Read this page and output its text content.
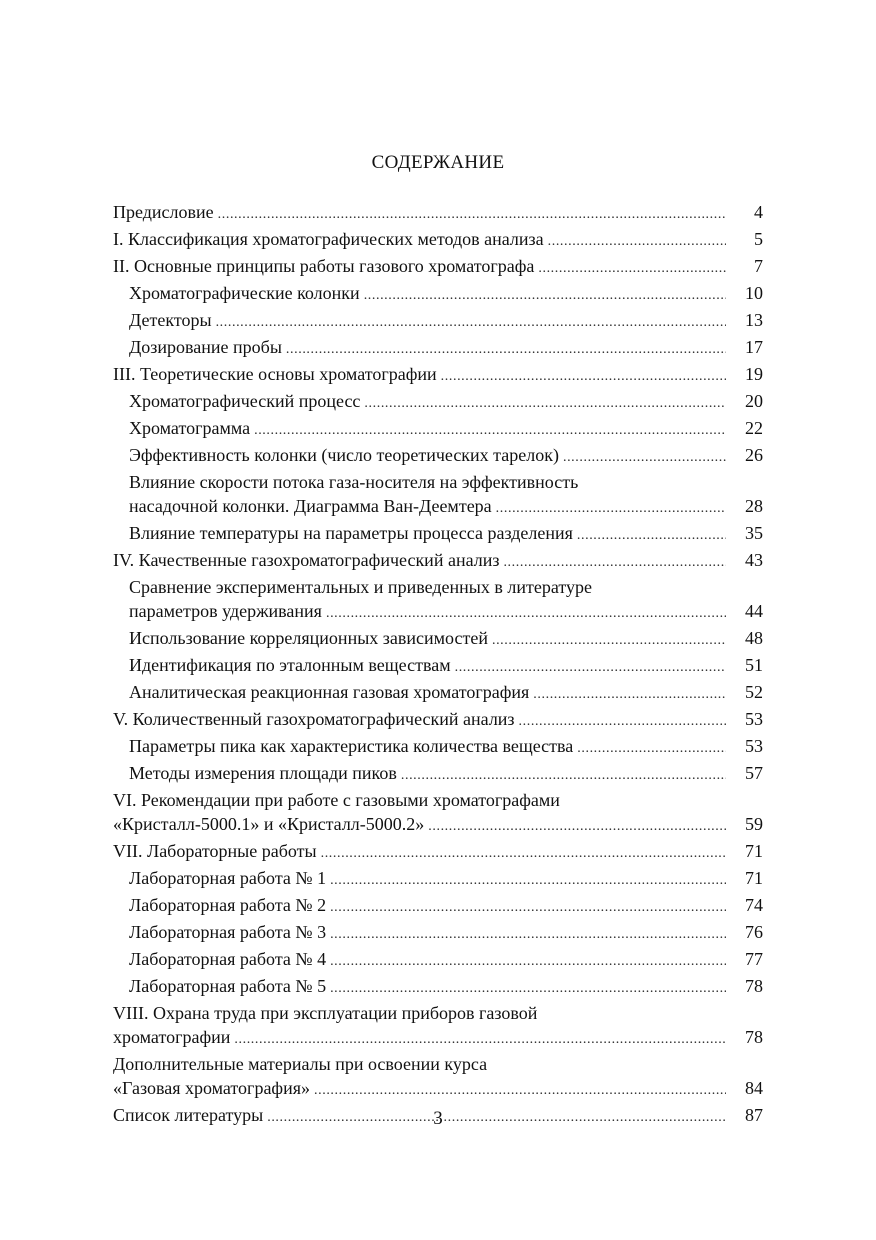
СОДЕРЖАНИЕ
Предисловие .....	4
I. Классификация хроматографических методов анализа .....	5
II. Основные принципы работы газового хроматографа .....	7
Хроматографические колонки .....	10
Детекторы .....	13
Дозирование пробы .....	17
III. Теоретические основы хроматографии .....	19
Хроматографический процесс .....	20
Хроматограмма .....	22
Эффективность колонки (число теоретических тарелок) .....	26
Влияние скорости потока газа-носителя на эффективность
насадочной колонки. Диаграмма Ван-Деемтера .....	28
Влияние температуры на параметры процесса разделения .....	35
IV. Качественные газохроматографический анализ .....	43
Сравнение экспериментальных и приведенных в литературе
параметров удерживания .....	44
Использование корреляционных зависимостей .....	48
Идентификация по эталонным веществам .....	51
Аналитическая реакционная газовая хроматография .....	52
V. Количественный газохроматографический анализ .....	53
Параметры пика как характеристика количества вещества .....	53
Методы измерения площади пиков .....	57
VI. Рекомендации при работе с газовыми хроматографами
«Кристалл-5000.1» и «Кристалл-5000.2» .....	59
VII. Лабораторные работы .....	71
Лабораторная работа № 1 .....	71
Лабораторная работа № 2 .....	74
Лабораторная работа № 3 .....	76
Лабораторная работа № 4 .....	77
Лабораторная работа № 5 .....	78
VIII. Охрана труда при эксплуатации приборов газовой
хроматографии .....	78
Дополнительные материалы при освоении курса
«Газовая хроматография» .....	84
Список литературы .....	87
3
